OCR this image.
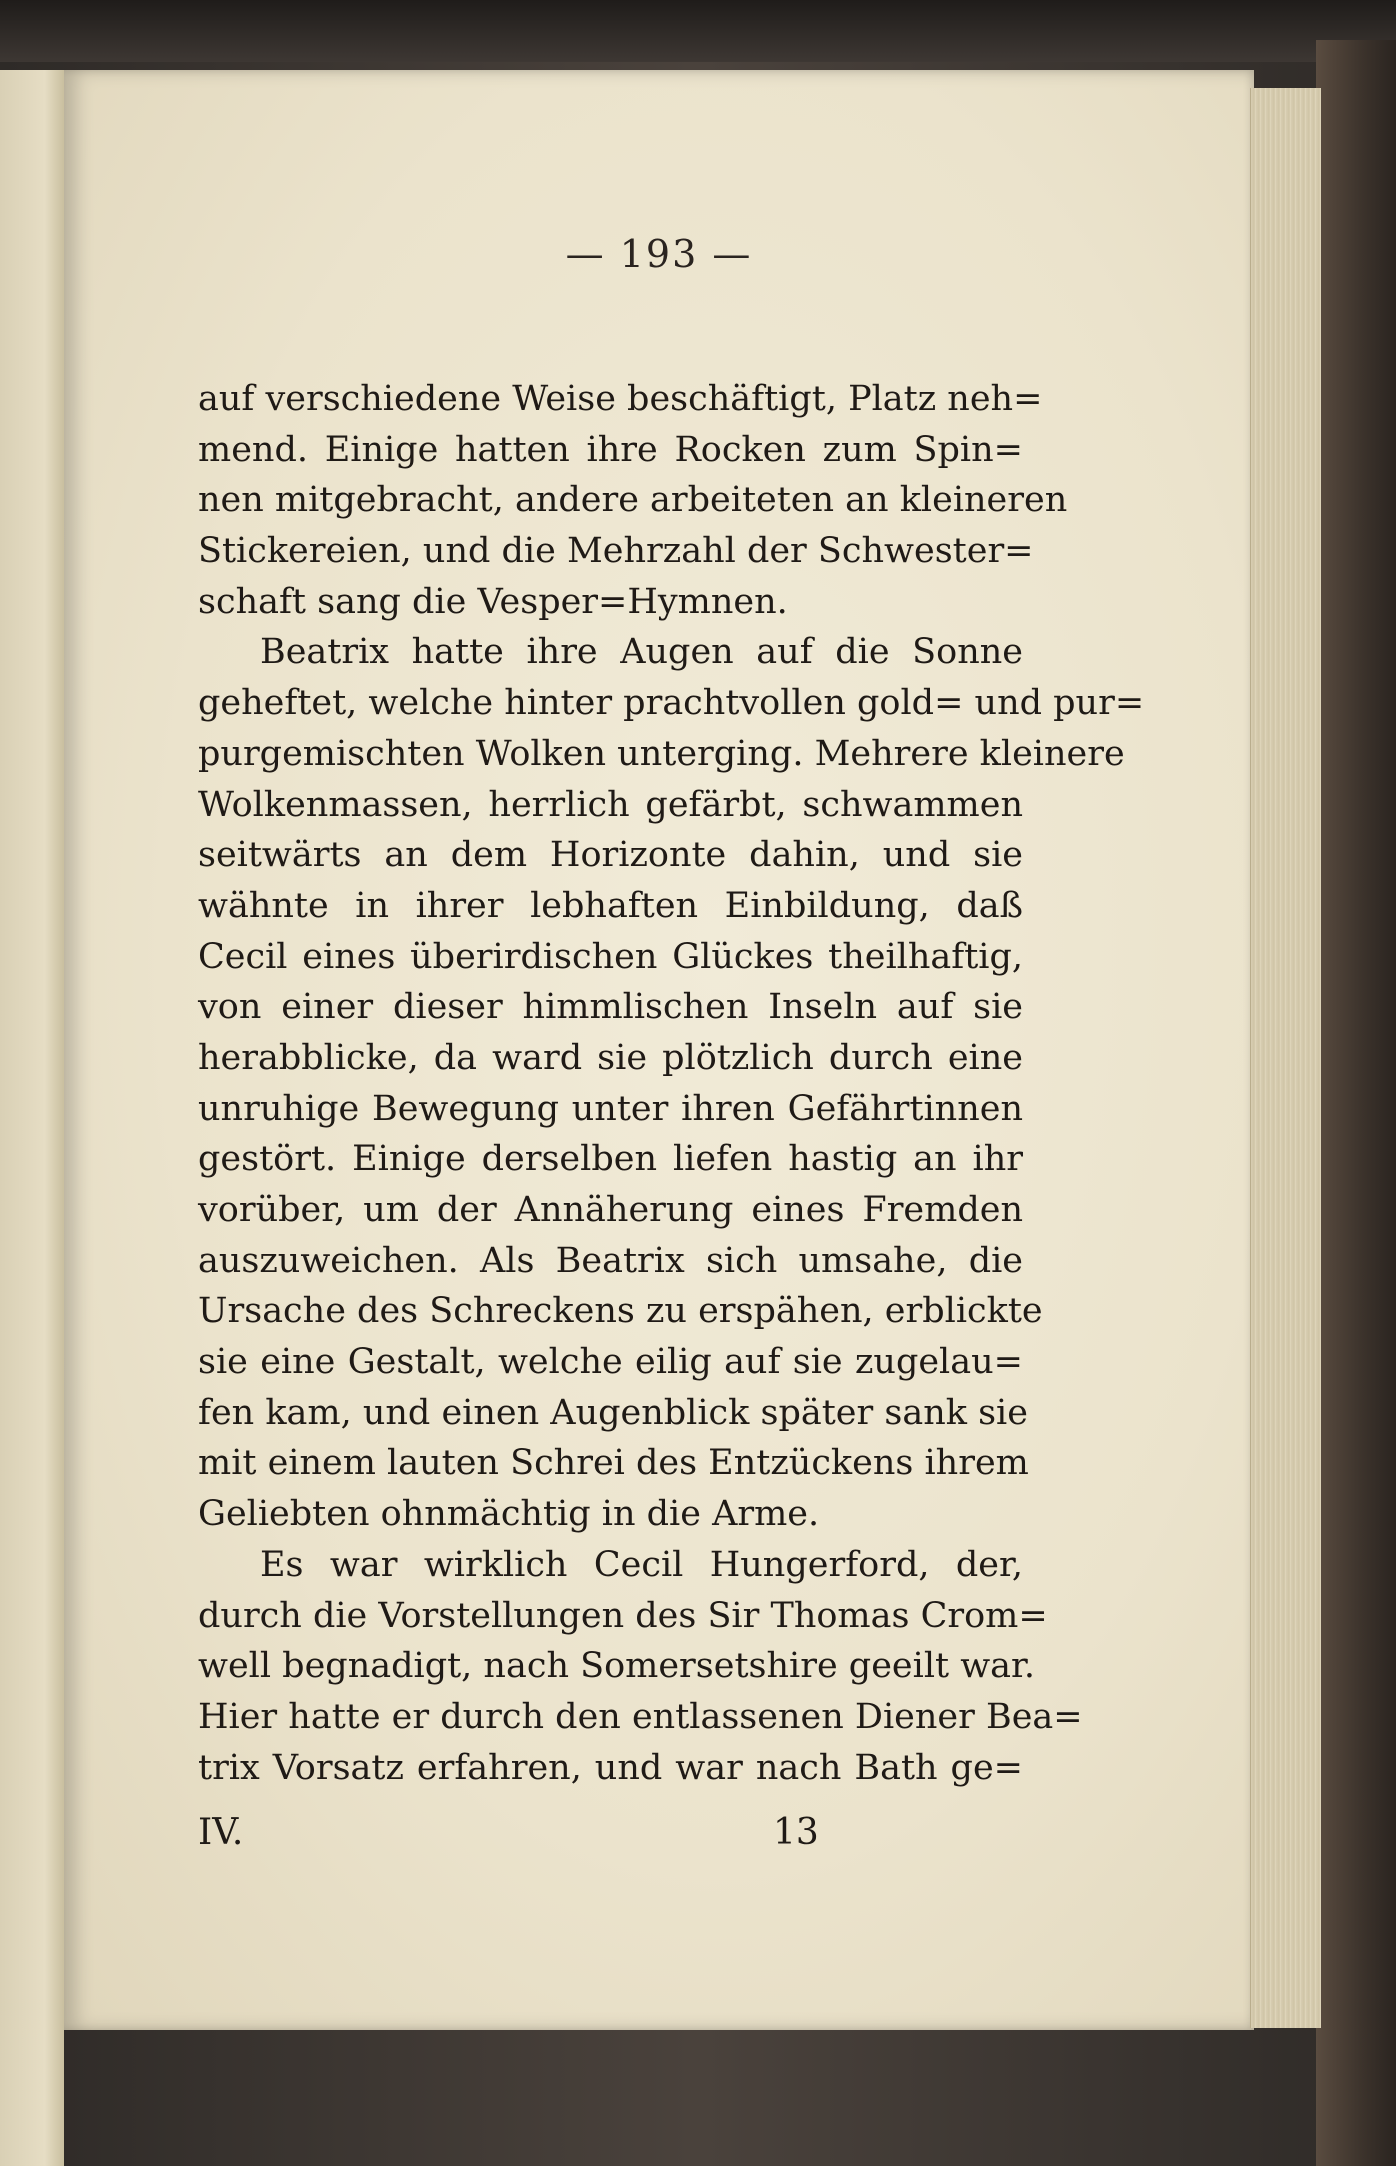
— 193 —
auf verschiedene Weise beschäftigt, Platz neh=
mend. Einige hatten ihre Rocken zum Spin=
nen mitgebracht, andere arbeiteten an kleineren
Stickereien, und die Mehrzahl der Schwester=
schaft sang die Vesper=Hymnen.
Beatrix hatte ihre Augen auf die Sonne
geheftet, welche hinter prachtvollen gold= und pur=
purgemischten Wolken unterging. Mehrere kleinere
Wolkenmassen, herrlich gefärbt, schwammen
seitwärts an dem Horizonte dahin, und sie
wähnte in ihrer lebhaften Einbildung, daß
Cecil eines überirdischen Glückes theilhaftig,
von einer dieser himmlischen Inseln auf sie
herabblicke, da ward sie plötzlich durch eine
unruhige Bewegung unter ihren Gefährtinnen
gestört. Einige derselben liefen hastig an ihr
vorüber, um der Annäherung eines Fremden
auszuweichen. Als Beatrix sich umsahe, die
Ursache des Schreckens zu erspähen, erblickte
sie eine Gestalt, welche eilig auf sie zugelau=
fen kam, und einen Augenblick später sank sie
mit einem lauten Schrei des Entzückens ihrem
Geliebten ohnmächtig in die Arme.
Es war wirklich Cecil Hungerford, der,
durch die Vorstellungen des Sir Thomas Crom=
well begnadigt, nach Somersetshire geeilt war.
Hier hatte er durch den entlassenen Diener Bea=
trix Vorsatz erfahren, und war nach Bath ge=
IV.	13
